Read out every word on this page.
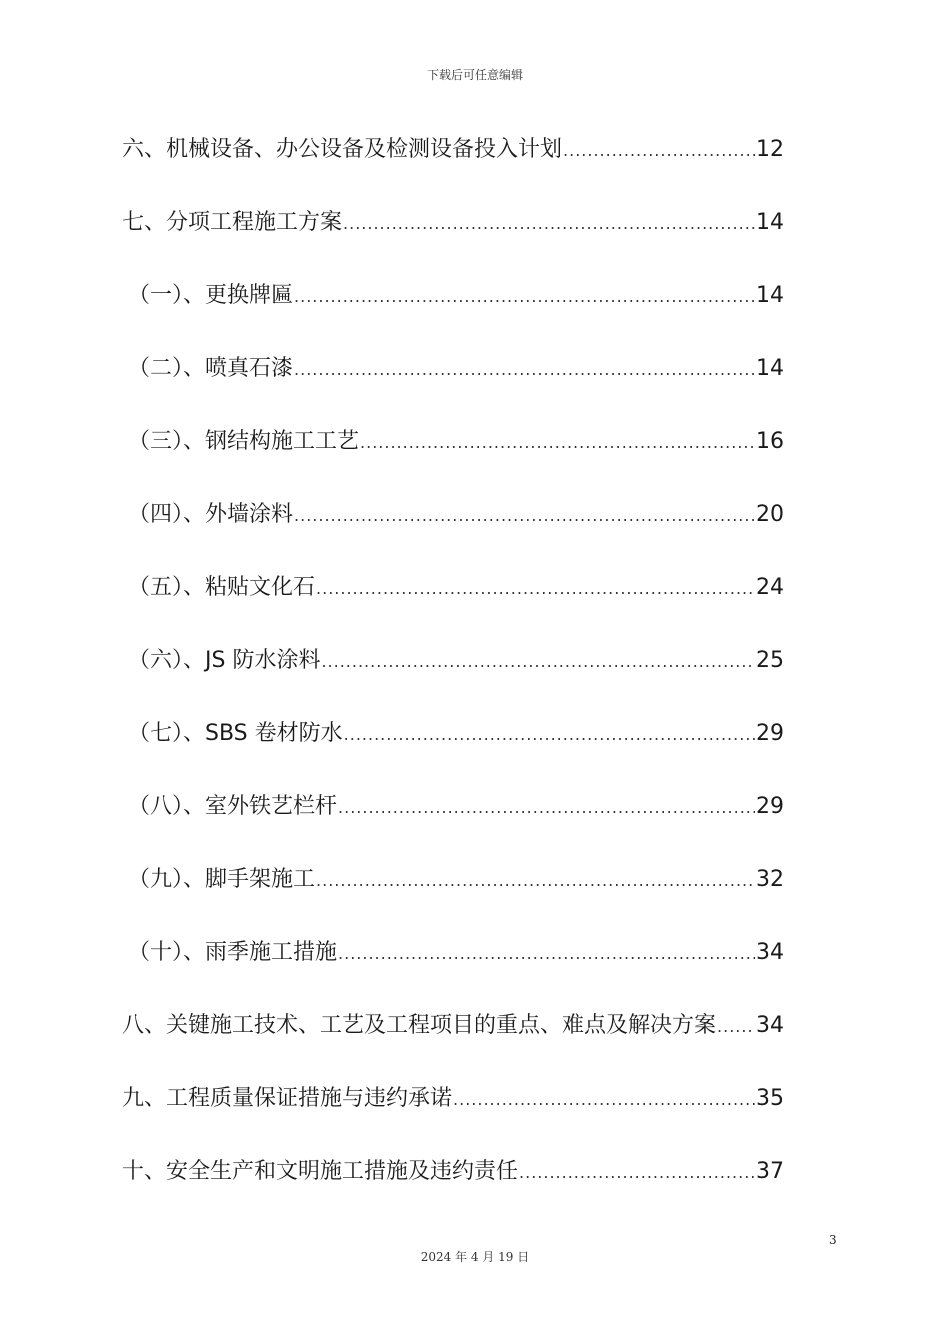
下载后可任意编辑
六、机械设备、办公设备及检测设备投入计划 .....	12
七、分项工程施工方案 .....	14
（一）、更换牌匾 .....	14
（二）、喷真石漆 .....	14
（三）、钢结构施工工艺 .....	16
（四）、外墙涂料 .....	20
（五）、粘贴文化石 .....	24
（六）、JS 防水涂料 .....	25
（七）、SBS 卷材防水 .....	29
（八）、室外铁艺栏杆 .....	29
（九）、脚手架施工 .....	32
（十）、雨季施工措施 .....	34
八、关键施工技术、工艺及工程项目的重点、难点及解决方案 ..... 34
九、工程质量保证措施与违约承诺 .....	35
十、安全生产和文明施工措施及违约责任 .....	37
3
2024 年 4 月 19 日
